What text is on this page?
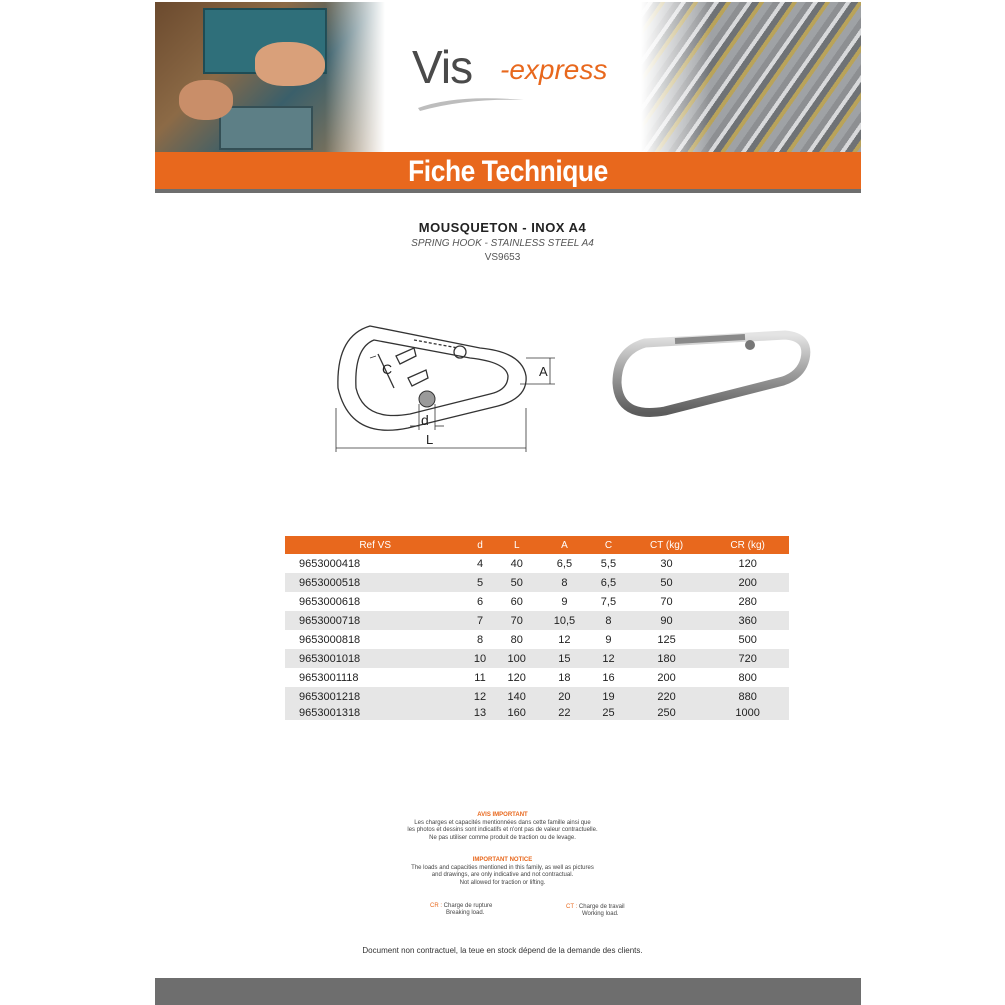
Vis -express
Fiche Technique
MOUSQUETON - INOX A4
SPRING HOOK - STAINLESS STEEL A4
VS9653
C	A
d
L
Ref VS	d	L	A	C	CT (kg)	CR (kg)
9653000418	4	40	6,5	5,5	30	120
9653000518	5	50	8	6,5	50	200
9653000618	6	60	9	7,5	70	280
9653000718	7	70	10,5	8	90	360
9653000818	8	80	12	9	125	500
9653001018	10	100	15	12	180	720
9653001118	11	120	18	16	200	800
9653001218	12	140	20	19	220	880
9653001318	13	160	22	25	250	1000
AVIS IMPORTANT
Les charges et capacités mentionnées dans cette famille ainsi que
les photos et dessins sont indicatifs et n'ont pas de valeur contractuelle.
Ne pas utiliser comme produit de traction ou de levage.
IMPORTANT NOTICE
The loads and capacities mentioned in this family, as well as pictures
and drawings, are only indicative and not contractual.
Not allowed for traction or lifting.
CR : Charge de rupture
Breaking load.
CT : Charge de travail
Working load.
Document non contractuel, la teue en stock dépend de la demande des clients.
